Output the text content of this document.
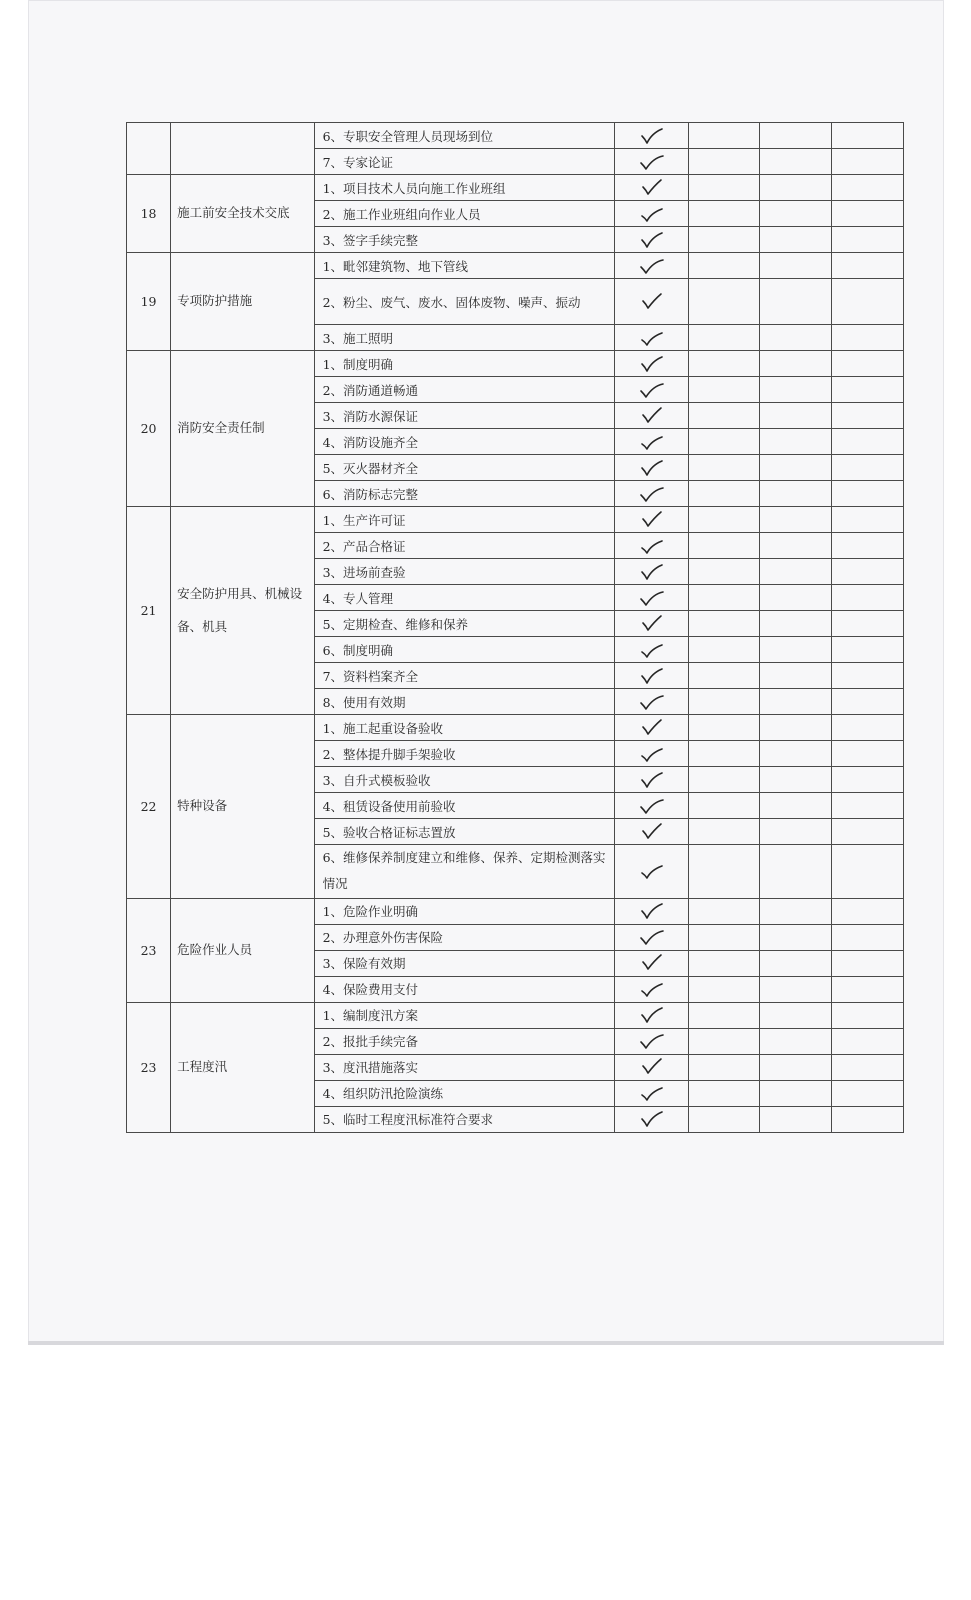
		6、专职安全管理人员现场到位				
		7、专家论证				
18	施工前安全技术交底	1、项目技术人员向施工作业班组				
		2、施工作业班组向作业人员				
		3、签字手续完整				
19	专项防护措施	1、毗邻建筑物、地下管线				
		2、粉尘、废气、废水、固体废物、噪声、振动				
		3、施工照明				
20	消防安全责任制	1、制度明确				
		2、消防通道畅通				
		3、消防水源保证				
		4、消防设施齐全				
		5、灭火器材齐全				
		6、消防标志完整				
21	安全防护用具、机械设备、机具	1、生产许可证				
		2、产品合格证				
		3、进场前查验				
		4、专人管理				
		5、定期检查、维修和保养				
		6、制度明确				
		7、资料档案齐全				
		8、使用有效期				
22	特种设备	1、施工起重设备验收				
		2、整体提升脚手架验收				
		3、自升式模板验收				
		4、租赁设备使用前验收				
		5、验收合格证标志置放				
		6、维修保养制度建立和维修、保养、定期检测落实情况				
23	危险作业人员	1、危险作业明确				
		2、办理意外伤害保险				
		3、保险有效期				
		4、保险费用支付				
23	工程度汛	1、编制度汛方案				
		2、报批手续完备				
		3、度汛措施落实				
		4、组织防汛抢险演练				
		5、临时工程度汛标准符合要求				
